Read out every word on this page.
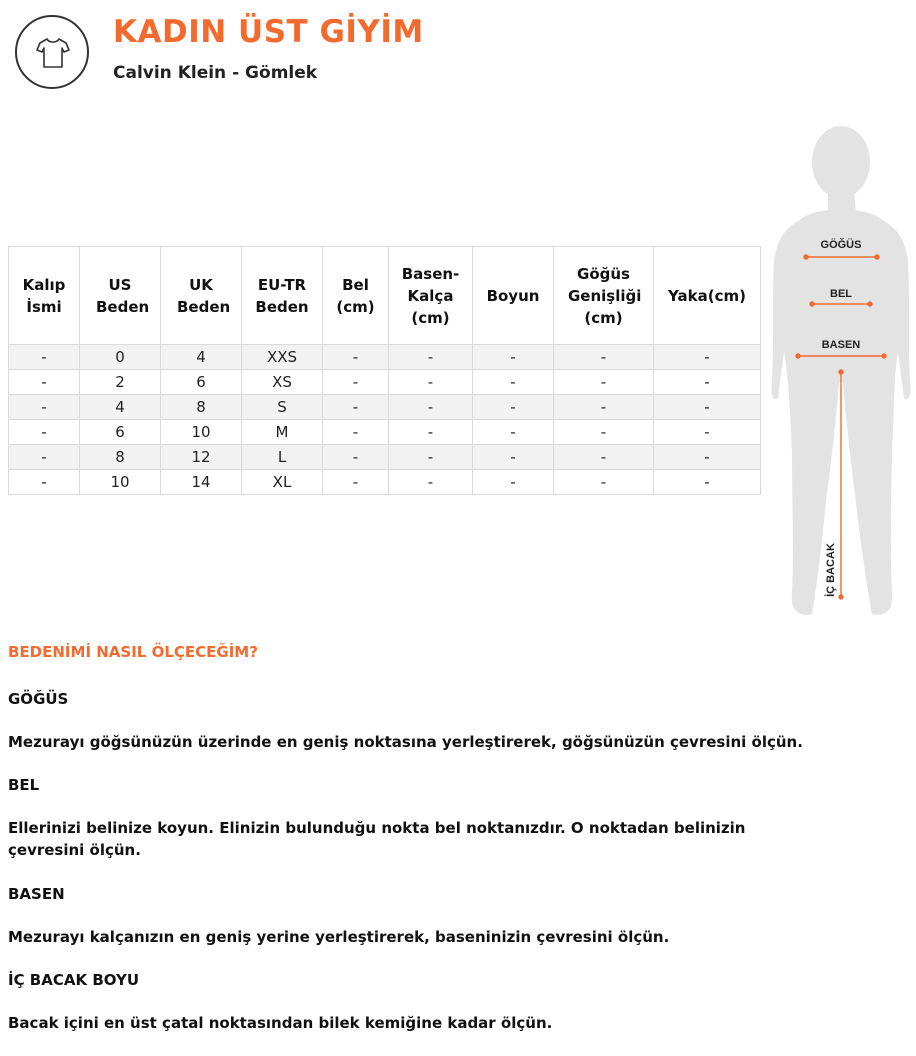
KADIN ÜST GİYİM

Calvin Klein - Gömlek

Kalıp İsmi	US Beden	UK Beden	EU-TR Beden	Bel (cm)	Basen- Kalça (cm)	Boyun	Göğüs Genişliği (cm)	Yaka(cm)
-	0	4	XXS	-	-	-	-	-
-	2	6	XS	-	-	-	-	-
-	4	8	S	-	-	-	-	-
-	6	10	M	-	-	-	-	-
-	8	12	L	-	-	-	-	-
-	10	14	XL	-	-	-	-	-
GÖĞÜS
BEL
BASEN
İÇ BACAK

BEDENİMİ NASIL ÖLÇECEĞİM?

GÖĞÜS

Mezurayı göğsünüzün üzerinde en geniş noktasına yerleştirerek, göğsünüzün çevresini ölçün.

BEL

Ellerinizi belinize koyun. Elinizin bulunduğu nokta bel noktanızdır. O noktadan belinizin çevresini ölçün.

BASEN

Mezurayı kalçanızın en geniş yerine yerleştirerek, baseninizin çevresini ölçün.

İÇ BACAK BOYU

Bacak içini en üst çatal noktasından bilek kemiğine kadar ölçün.
